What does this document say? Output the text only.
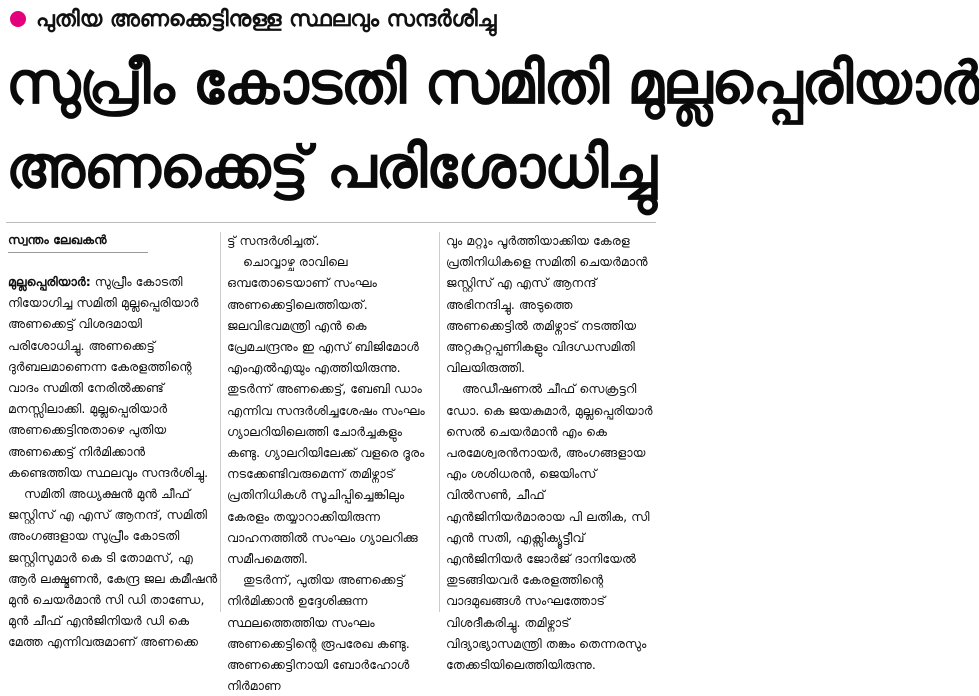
പുതിയ അണക്കെട്ടിനുള്ള സ്ഥലവും സന്ദർശിച്ചു
സുപ്രീം കോടതി സമിതി മുല്ലപ്പെരിയാർ
അണക്കെട്ട് പരിശോധിച്ചു
സ്വന്തം ലേഖകൻ

മുല്ലപ്പെരിയാർ: സുപ്രീം കോടതി നിയോഗിച്ച സമിതി മുല്ലപ്പെരിയാർ അണക്കെട്ട് വിശദമായി പരിശോധിച്ചു. അണക്കെട്ട് ദുർബലമാണെന്ന കേരളത്തിന്റെ വാദം സമിതി നേരിൽക്കണ്ട് മനസ്സിലാക്കി. മുല്ലപ്പെരിയാർ അണക്കെട്ടിനുതാഴെ പുതിയ അണക്കെട്ട് നിർമിക്കാൻ കണ്ടെത്തിയ സ്ഥലവും സന്ദർശിച്ചു.

സമിതി അധ്യക്ഷൻ മുൻ ചീഫ് ജസ്റ്റിസ് എ എസ് ആനന്ദ്, സമിതി അംഗങ്ങളായ സുപ്രീം കോടതി ജസ്റ്റിസുമാർ കെ ടി തോമസ്, എ ആർ ലക്ഷ്മണൻ, കേന്ദ്ര ജല കമീഷൻ മുൻ ചെയർമാൻ സി ഡി താണ്ഡേ, മുൻ ചീഫ് എൻജിനിയർ ഡി കെ മേത്ത എന്നിവരുമാണ് അണക്കെ

ട്ട് സന്ദർശിച്ചത്.

ചൊവ്വാഴ്ച രാവിലെ ഒമ്പതോടെയാണ് സംഘം അണക്കെട്ടിലെത്തിയത്. ജലവിഭവമന്ത്രി എൻ കെ പ്രേമചന്ദ്രനും ഇ എസ് ബിജിമോൾ എംഎൽഎയും എത്തിയിരുന്നു. തുടർന്ന് അണക്കെട്ട്, ബേബി ഡാം എന്നിവ സന്ദർശിച്ചശേഷം സംഘം ഗ്യാലറിയിലെത്തി ചോർച്ചകളും കണ്ടു. ഗ്യാലറിയിലേക്ക് വളരെ ദൂരം നടക്കേണ്ടിവരുമെന്ന് തമിഴ്നാട് പ്രതിനിധികൾ സൂചിപ്പിച്ചെങ്കിലും കേരളം തയ്യാറാക്കിയിരുന്ന വാഹനത്തിൽ സംഘം ഗ്യാലറിക്കു സമീപമെത്തി.

തുടർന്ന്, പുതിയ അണക്കെട്ട് നിർമിക്കാൻ ഉദ്ദേശിക്കുന്ന സ്ഥലത്തെത്തിയ സംഘം അണക്കെട്ടിന്റെ രൂപരേഖ കണ്ടു. അണക്കെട്ടിനായി ബോർഹോൾ നിർമാണ

വും മറ്റും പൂർത്തിയാക്കിയ കേരള പ്രതിനിധികളെ സമിതി ചെയർമാൻ ജസ്റ്റിസ് എ എസ് ആനന്ദ് അഭിനന്ദിച്ചു. അടുത്തെ അണക്കെട്ടിൽ തമിഴ്നാട് നടത്തിയ അറ്റകുറ്റപ്പണികളും വിദഗ്ധസമിതി വിലയിരുത്തി.

അഡീഷണൽ ചീഫ് സെക്രട്ടറി ഡോ. കെ ജയകുമാർ, മുല്ലപ്പെരിയാർ സെൽ ചെയർമാൻ എം കെ പരമേശ്വരൻനായർ, അംഗങ്ങളായ എം ശശിധരൻ, ജെയിംസ് വിൽസൺ, ചീഫ് എൻജിനിയർമാരായ പി ലതിക, സി എൻ സതി, എക്സിക്യൂട്ടീവ് എൻജിനിയർ ജോർജ് ദാനിയേൽ തുടങ്ങിയവർ കേരളത്തിന്റെ വാദമുഖങ്ങൾ സംഘത്തോട് വിശദീകരിച്ചു. തമിഴ്നാട് വിദ്യാഭ്യാസമന്ത്രി തങ്കം തെന്നരസും തേക്കടിയിലെത്തിയിരുന്നു.
